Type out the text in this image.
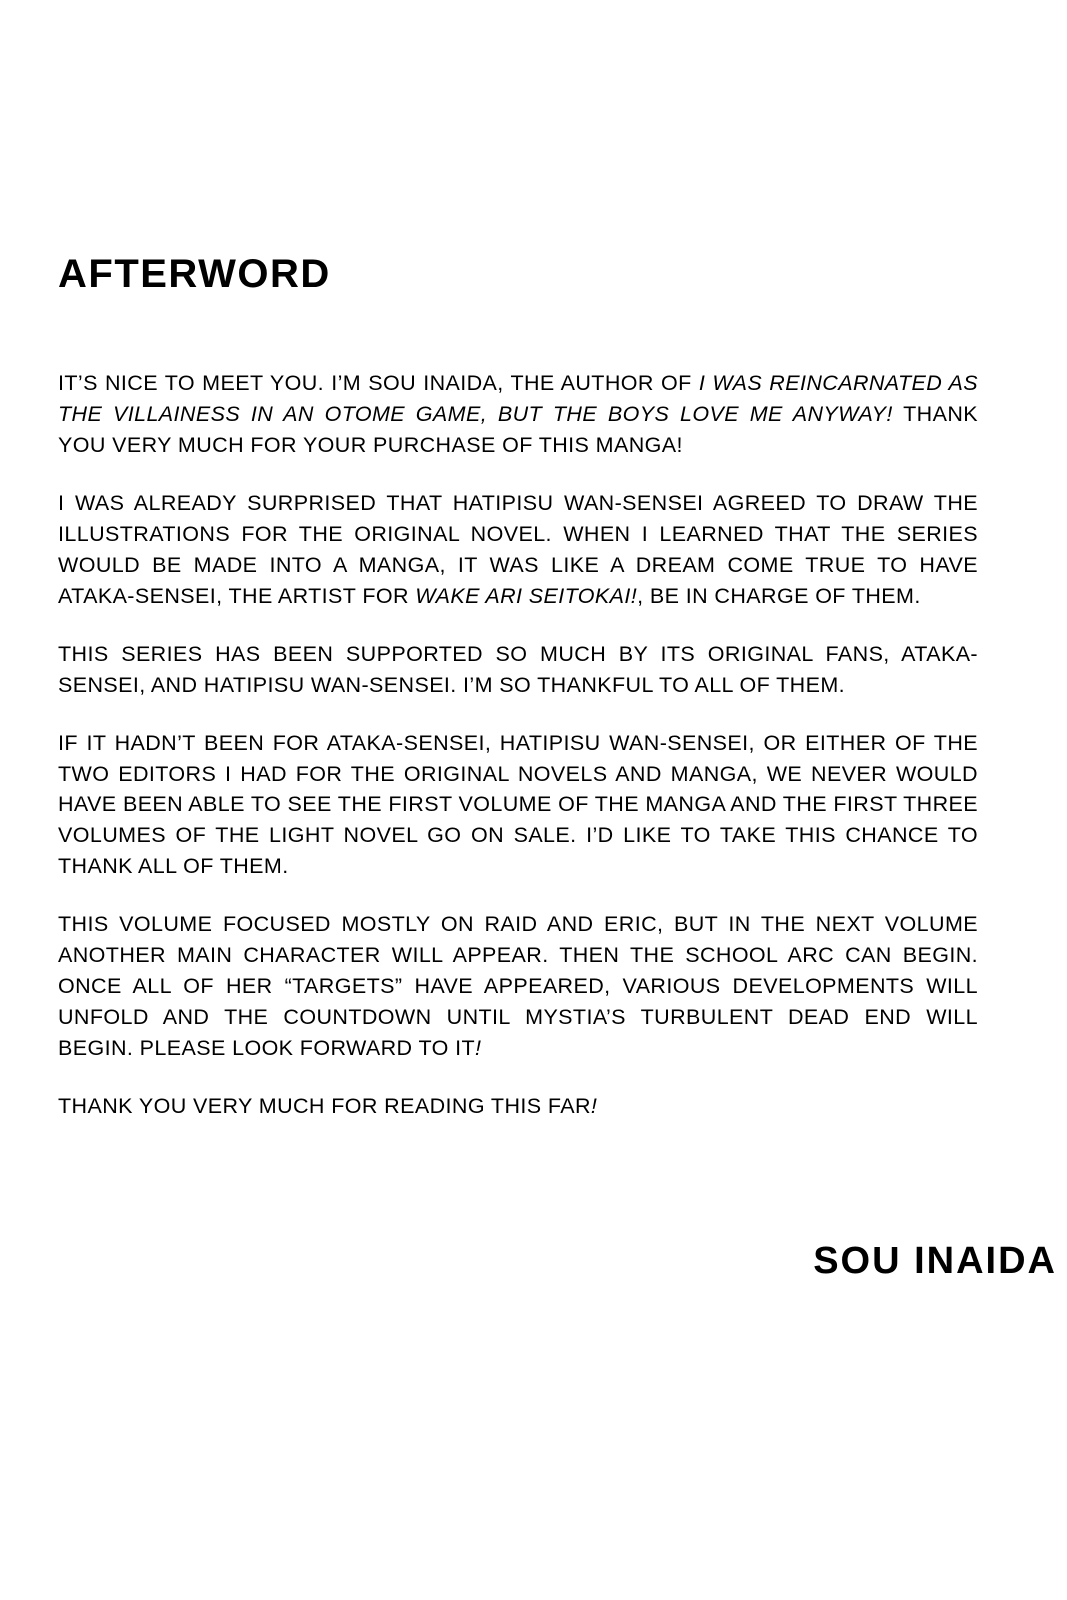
AFTERWORD

IT’S NICE TO MEET YOU. I’M SOU INAIDA, THE AUTHOR OF I WAS REINCARNATED AS THE VILLAINESS IN AN OTOME GAME, BUT THE BOYS LOVE ME ANYWAY! THANK YOU VERY MUCH FOR YOUR PURCHASE OF THIS MANGA!

I WAS ALREADY SURPRISED THAT HATIPISU WAN-SENSEI AGREED TO DRAW THE ILLUSTRATIONS FOR THE ORIGINAL NOVEL. WHEN I LEARNED THAT THE SERIES WOULD BE MADE INTO A MANGA, IT WAS LIKE A DREAM COME TRUE TO HAVE ATAKA-SENSEI, THE ARTIST FOR WAKE ARI SEITOKAI!, BE IN CHARGE OF THEM.

THIS SERIES HAS BEEN SUPPORTED SO MUCH BY ITS ORIGINAL FANS, ATAKA-SENSEI, AND HATIPISU WAN-SENSEI. I’M SO THANKFUL TO ALL OF THEM.

IF IT HADN’T BEEN FOR ATAKA-SENSEI, HATIPISU WAN-SENSEI, OR EITHER OF THE TWO EDITORS I HAD FOR THE ORIGINAL NOVELS AND MANGA, WE NEVER WOULD HAVE BEEN ABLE TO SEE THE FIRST VOLUME OF THE MANGA AND THE FIRST THREE VOLUMES OF THE LIGHT NOVEL GO ON SALE. I’D LIKE TO TAKE THIS CHANCE TO THANK ALL OF THEM.

THIS VOLUME FOCUSED MOSTLY ON RAID AND ERIC, BUT IN THE NEXT VOLUME ANOTHER MAIN CHARACTER WILL APPEAR. THEN THE SCHOOL ARC CAN BEGIN. ONCE ALL OF HER “TARGETS” HAVE APPEARED, VARIOUS DEVELOPMENTS WILL UNFOLD AND THE COUNTDOWN UNTIL MYSTIA’S TURBULENT DEAD END WILL BEGIN. PLEASE LOOK FORWARD TO IT!

THANK YOU VERY MUCH FOR READING THIS FAR!

SOU INAIDA
